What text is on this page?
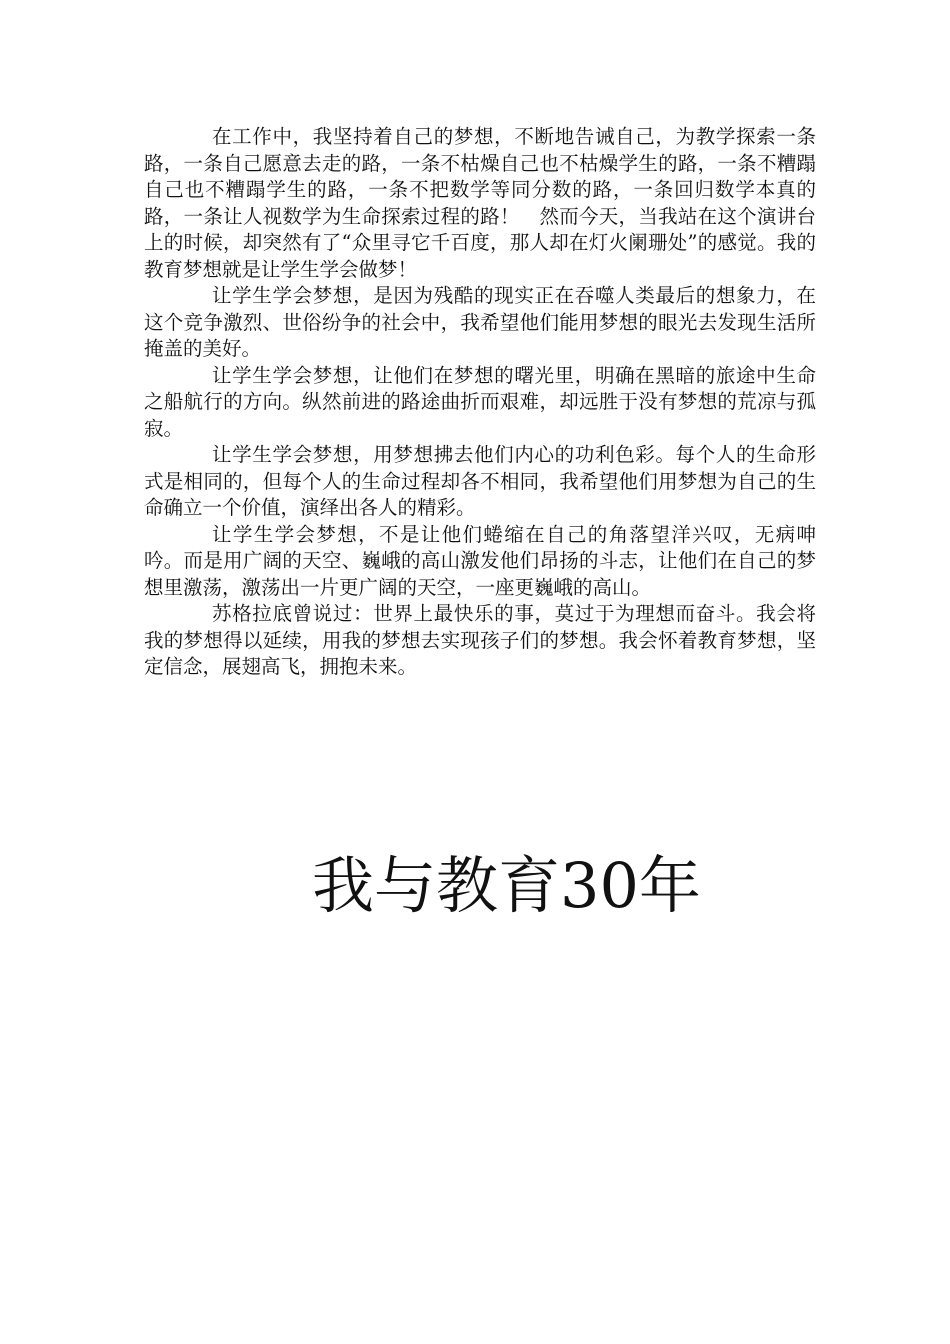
在工作中，我坚持着自己的梦想，不断地告诫自己，为教学探索一条路，一条自己愿意去走的路，一条不枯燥自己也不枯燥学生的路，一条不糟蹋自己也不糟蹋学生的路，一条不把数学等同分数的路，一条回归数学本真的路，一条让人视数学为生命探索过程的路！　然而今天，当我站在这个演讲台上的时候，却突然有了“众里寻它千百度，那人却在灯火阑珊处”的感觉。我的教育梦想就是让学生学会做梦！

让学生学会梦想，是因为残酷的现实正在吞噬人类最后的想象力，在这个竞争激烈、世俗纷争的社会中，我希望他们能用梦想的眼光去发现生活所掩盖的美好。

让学生学会梦想，让他们在梦想的曙光里，明确在黑暗的旅途中生命之船航行的方向。纵然前进的路途曲折而艰难，却远胜于没有梦想的荒凉与孤寂。

让学生学会梦想，用梦想拂去他们内心的功利色彩。每个人的生命形式是相同的，但每个人的生命过程却各不相同，我希望他们用梦想为自己的生命确立一个价值，演绎出各人的精彩。

让学生学会梦想，不是让他们蜷缩在自己的角落望洋兴叹，无病呻吟。而是用广阔的天空、巍峨的高山激发他们昂扬的斗志，让他们在自己的梦想里激荡，激荡出一片更广阔的天空，一座更巍峨的高山。

苏格拉底曾说过：世界上最快乐的事，莫过于为理想而奋斗。我会将我的梦想得以延续，用我的梦想去实现孩子们的梦想。我会怀着教育梦想，坚定信念，展翅高飞，拥抱未来。

我与教育30年
